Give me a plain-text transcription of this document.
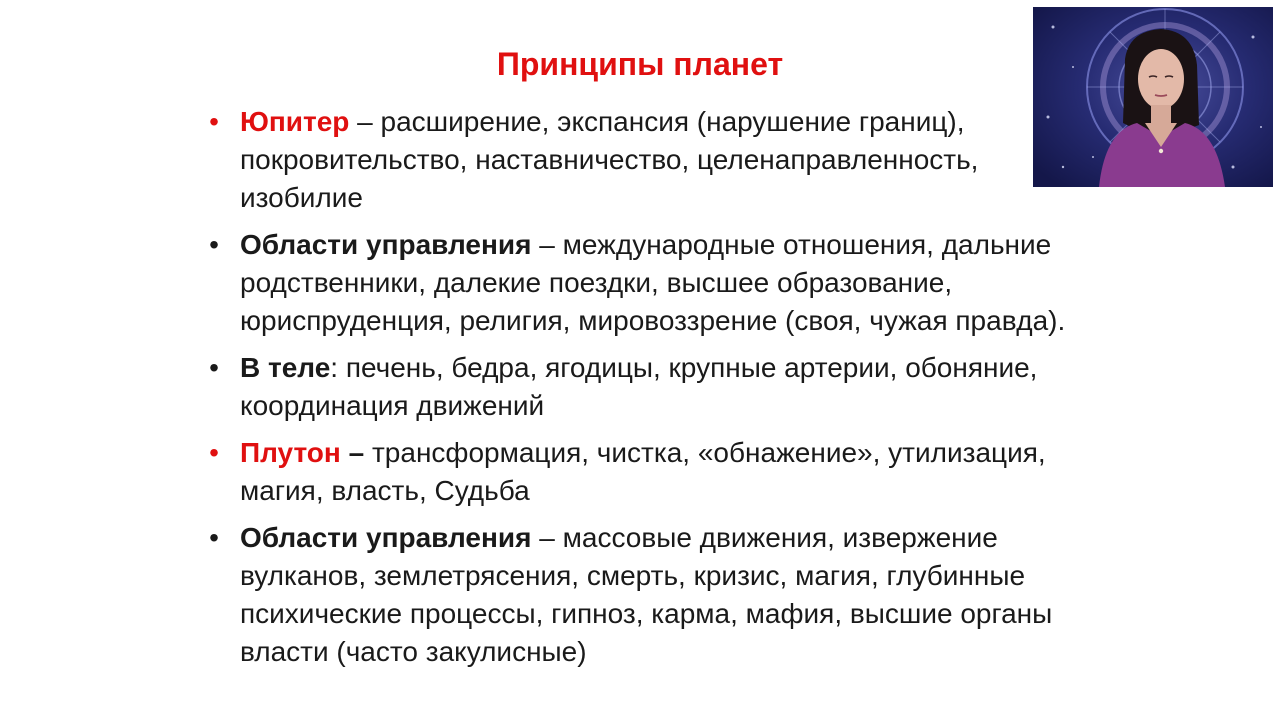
Принципы планет
• Юпитер – расширение, экспансия (нарушение границ), покровительство, наставничество, целенаправленность, изобилие
• Области управления – международные отношения, дальние родственники, далекие поездки, высшее образование, юриспруденция, религия, мировоззрение (своя, чужая правда).
• В теле: печень, бедра, ягодицы, крупные артерии, обоняние, координация движений
• Плутон – трансформация, чистка, «обнажение», утилизация, магия, власть, Судьба
• Области управления – массовые движения, извержение вулканов, землетрясения, смерть, кризис, магия, глубинные психические процессы, гипноз, карма, мафия, высшие органы власти (часто закулисные)
